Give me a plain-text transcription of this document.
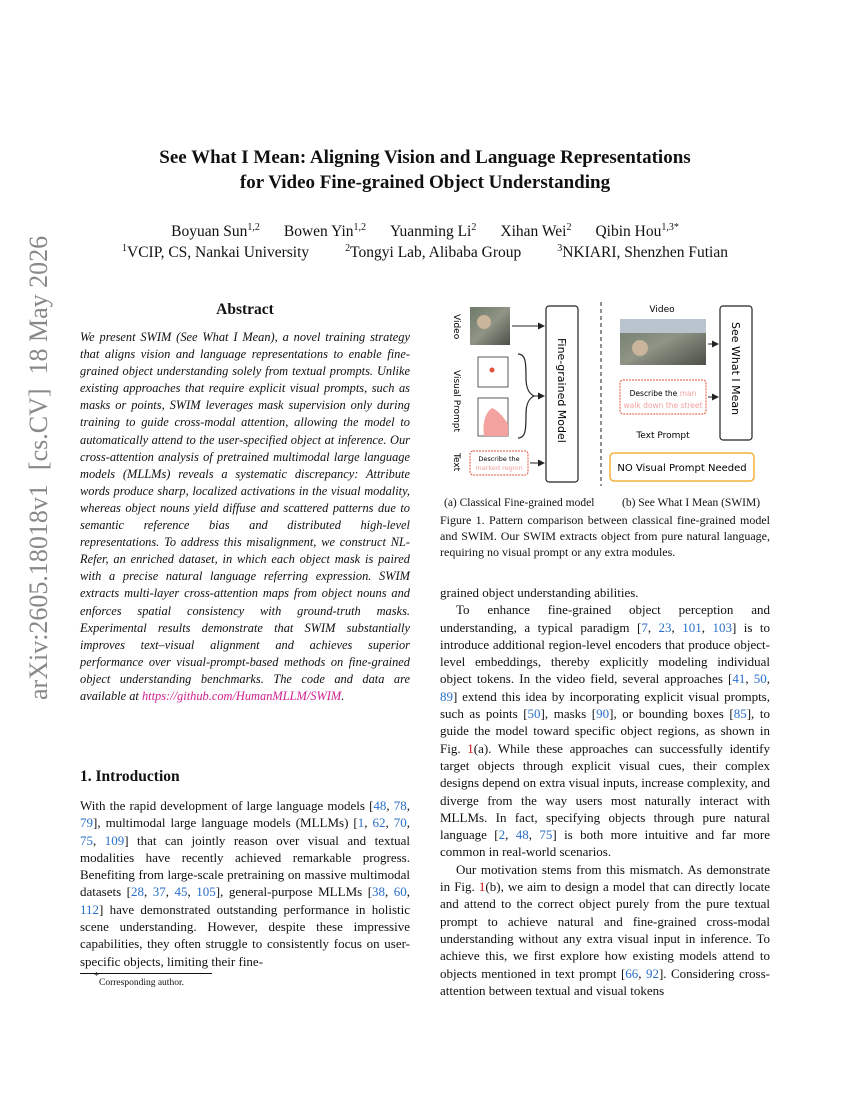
See What I Mean: Aligning Vision and Language Representations
for Video Fine-grained Object Understanding
Boyuan Sun$^{1,2}$ Bowen Yin$^{1,2}$ Yuanming Li$^2$ Xihan Wei$^2$ Qibin Hou$^{1,3*}$
$^1$VCIP, CS, Nankai University	$^2$Tongyi Lab, Alibaba Group	$^3$NKIARI, Shenzhen Futian
arXiv:2605.18018v1[cs.CV]18 May 2026	Abstract
We present SWIM (See What I Mean), a novel training strategy that aligns vision and language representations to enable fine-grained object understanding solely from textual prompts. Unlike existing approaches that require explicit visual prompts, such as masks or points, SWIM leverages mask supervision only during training to guide cross-modal attention, allowing the model to automatically attend to the user-specified object at inference. Our cross-attention analysis of pretrained multimodal large language models (MLLMs) reveals a systematic discrepancy: Attribute words produce sharp, localized activations in the visual modality, whereas object nouns yield diffuse and scattered patterns due to semantic reference bias and distributed high-level representations. To address this misalignment, we construct NL-Refer, an enriched dataset, in which each object mask is paired with a precise natural language referring expression. SWIM extracts multi-layer cross-attention maps from object nouns and enforces spatial consistency with ground-truth masks. Experimental results demonstrate that SWIM substantially improves text–visual alignment and achieves superior performance over visual-prompt-based methods on fine-grained object understanding benchmarks. The code and data are available at https://github.com/HumanMLLM/SWIM.
1. Introduction

With the rapid development of large language models [48, 78, 79], multimodal large language models (MLLMs) [1, 62, 70, 75, 109] that can jointly reason over visual and textual modalities have recently achieved remarkable progress. Benefiting from large-scale pretraining on massive multimodal datasets [28, 37, 45, 105], general-purpose MLLMs [38, 60, 112] have demonstrated outstanding performance in holistic scene understanding. However, despite these impressive capabilities, they often struggle to consistently focus on user-specific objects, limiting their fine-

*Corresponding author.
Video
Visual Prompt
Text	Describe the
marked region
Fine-grained Model
Video
Describe the man
walk down the street
Text Prompt
See What I Mean
NO Visual Prompt Needed
(a) Classical Fine-grained model (b) See What I Mean (SWIM)
Figure 1. Pattern comparison between classical fine-grained model and SWIM. Our SWIM extracts object from pure natural language, requiring no visual prompt or any extra modules.

grained object understanding abilities.

To enhance fine-grained object perception and understanding, a typical paradigm [7, 23, 101, 103] is to introduce additional region-level encoders that produce object-level embeddings, thereby explicitly modeling individual object tokens. In the video field, several approaches [41, 50, 89] extend this idea by incorporating explicit visual prompts, such as points [50], masks [90], or bounding boxes [85], to guide the model toward specific object regions, as shown in Fig. 1(a). While these approaches can successfully identify target objects through explicit visual cues, their complex designs depend on extra visual inputs, increase complexity, and diverge from the way users most naturally interact with MLLMs. In fact, specifying objects through pure natural language [2, 48, 75] is both more intuitive and far more common in real-world scenarios.

Our motivation stems from this mismatch. As demonstrate in Fig. 1(b), we aim to design a model that can directly locate and attend to the correct object purely from the pure textual prompt to achieve natural and fine-grained cross-modal understanding without any extra visual input in inference. To achieve this, we first explore how existing models attend to objects mentioned in text prompt [66, 92]. Considering cross-attention between textual and visual tokens
